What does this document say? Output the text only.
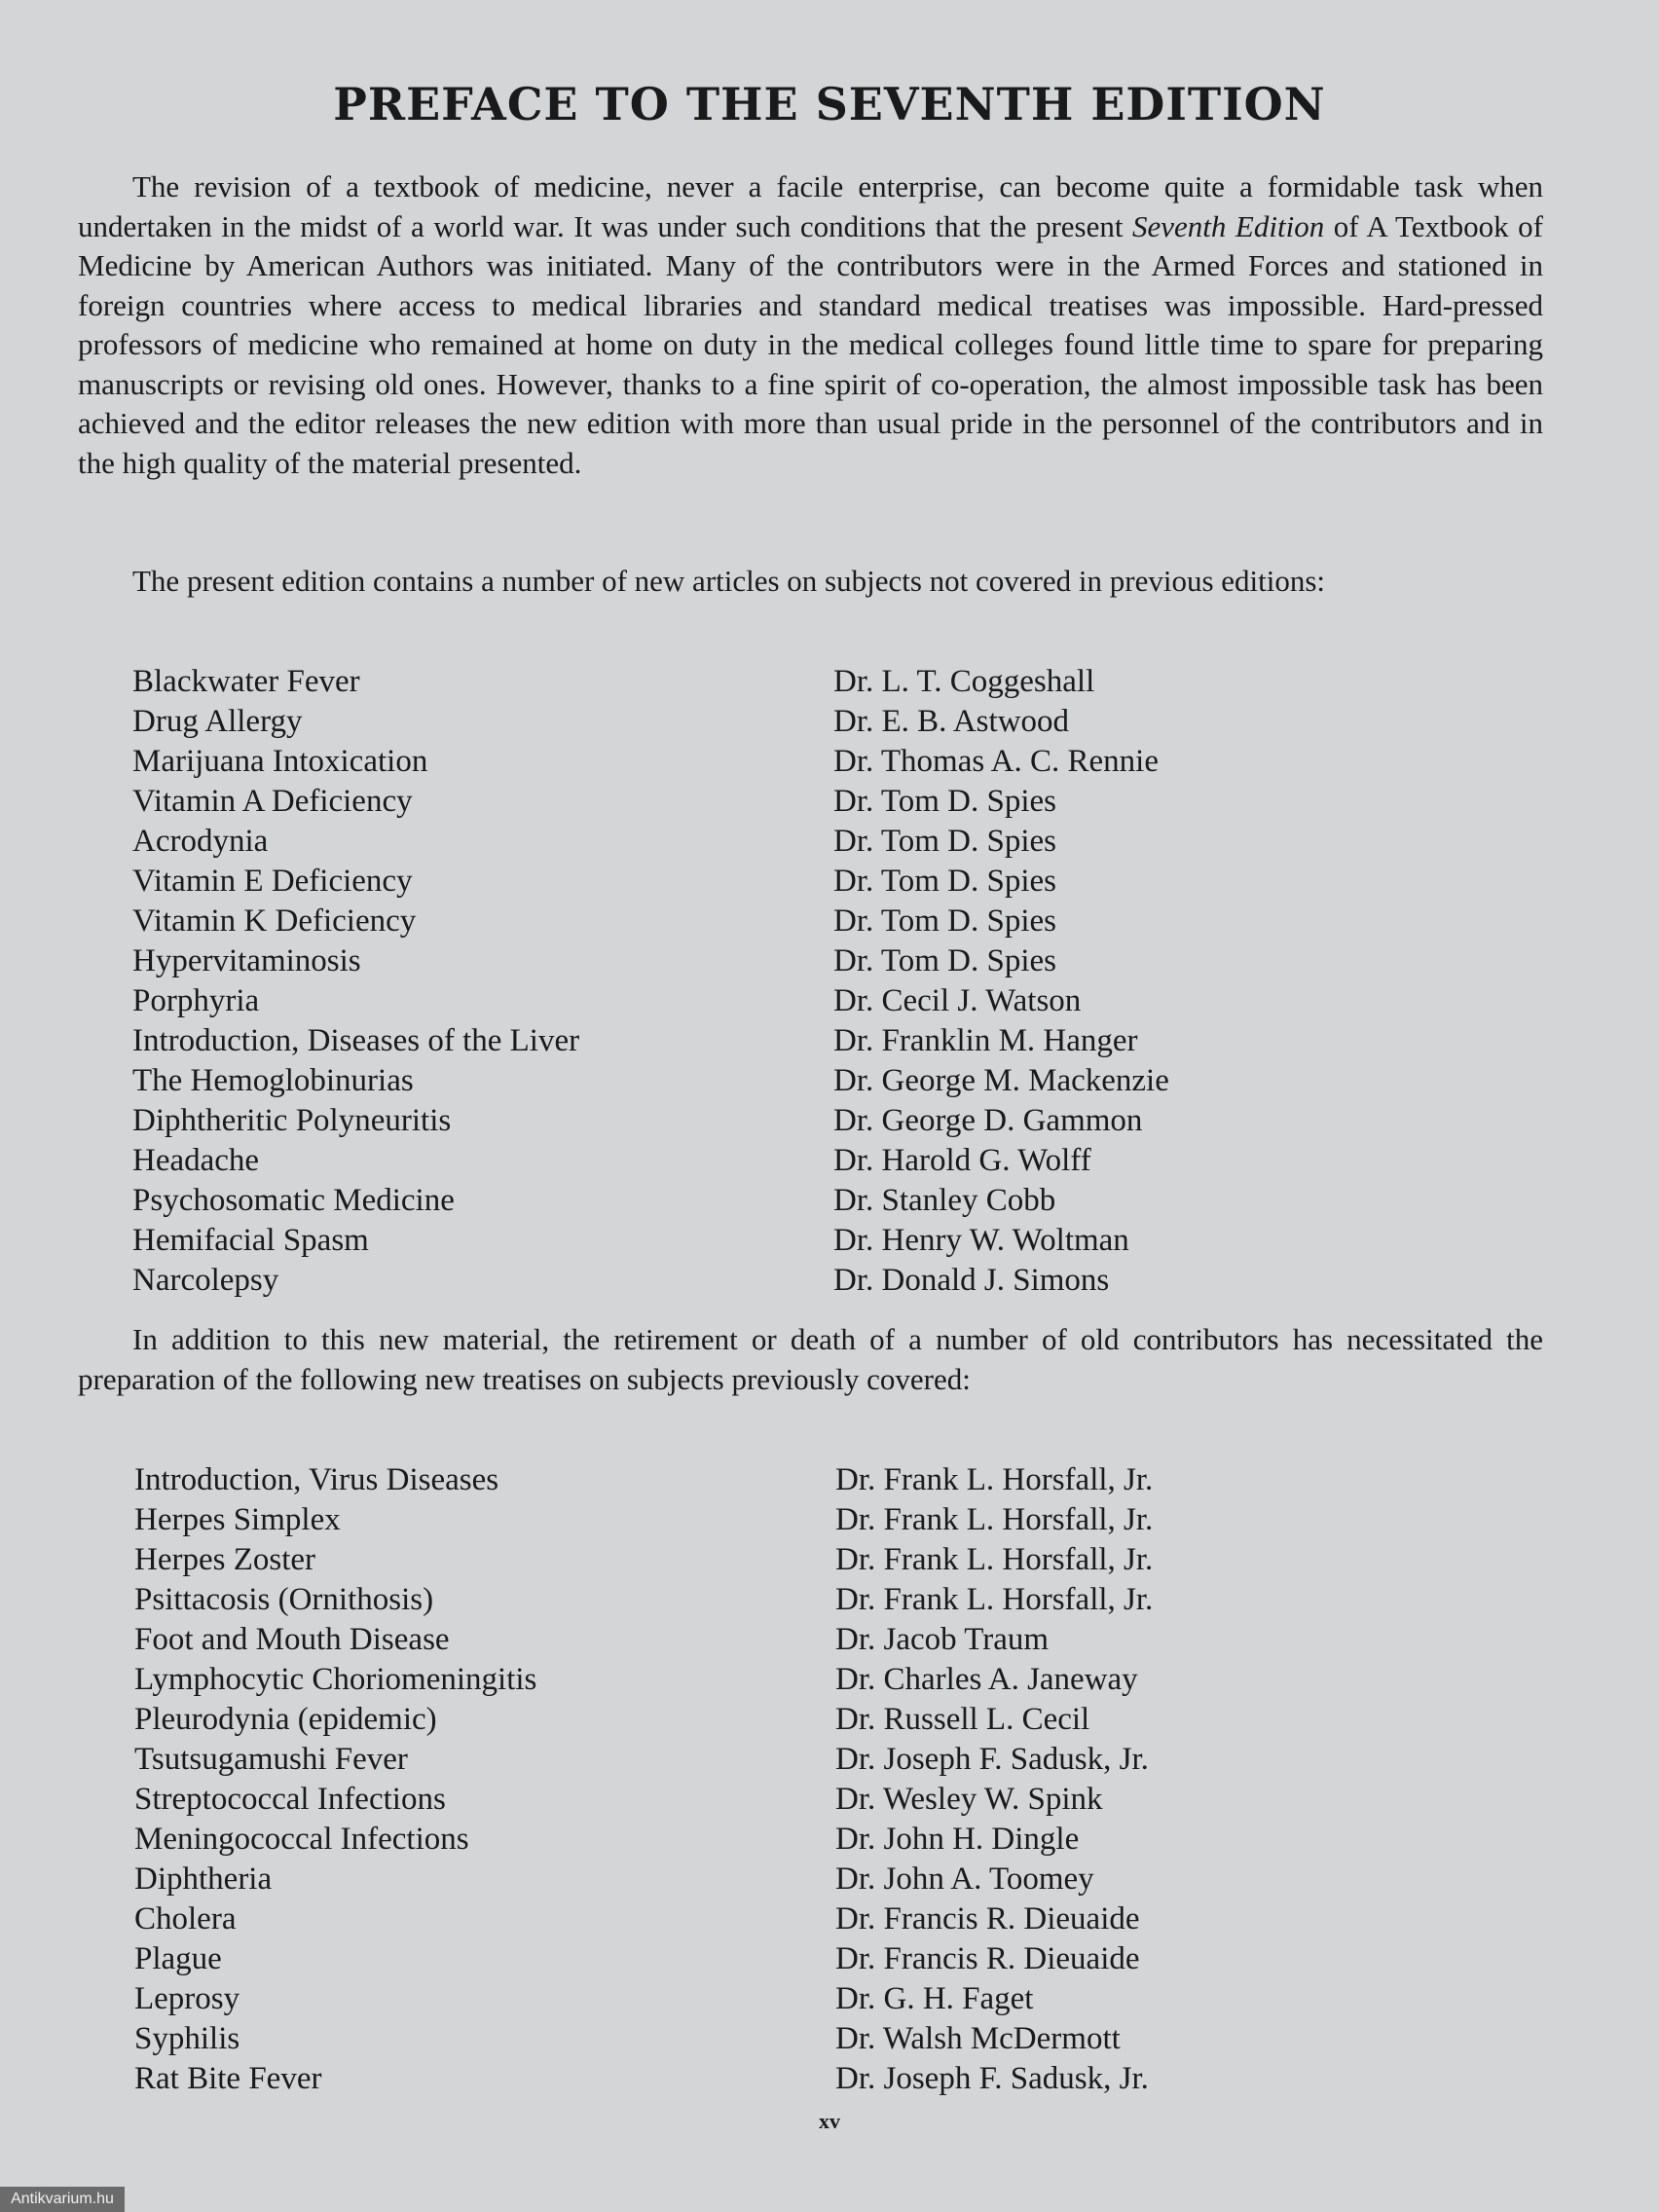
PREFACE TO THE SEVENTH EDITION

The revision of a textbook of medicine, never a facile enterprise, can become quite a formidable task when undertaken in the midst of a world war. It was under such conditions that the present Seventh Edition of A Textbook of Medicine by American Authors was initiated. Many of the contributors were in the Armed Forces and stationed in foreign countries where access to medical libraries and standard medical treatises was impossible. Hard-pressed professors of medicine who remained at home on duty in the medical colleges found little time to spare for preparing manuscripts or revising old ones. However, thanks to a fine spirit of co-operation, the almost impossible task has been achieved and the editor releases the new edition with more than usual pride in the personnel of the contributors and in the high quality of the material presented.

The present edition contains a number of new articles on subjects not covered in previous editions:

Blackwater Fever	Dr. L. T. Coggeshall
Drug Allergy	Dr. E. B. Astwood
Marijuana Intoxication	Dr. Thomas A. C. Rennie
Vitamin A Deficiency	Dr. Tom D. Spies
Acrodynia	Dr. Tom D. Spies
Vitamin E Deficiency	Dr. Tom D. Spies
Vitamin K Deficiency	Dr. Tom D. Spies
Hypervitaminosis	Dr. Tom D. Spies
Porphyria	Dr. Cecil J. Watson
Introduction, Diseases of the Liver	Dr. Franklin M. Hanger
The Hemoglobinurias	Dr. George M. Mackenzie
Diphtheritic Polyneuritis	Dr. George D. Gammon
Headache	Dr. Harold G. Wolff
Psychosomatic Medicine	Dr. Stanley Cobb
Hemifacial Spasm	Dr. Henry W. Woltman
Narcolepsy	Dr. Donald J. Simons

In addition to this new material, the retirement or death of a number of old contributors has necessitated the preparation of the following new treatises on subjects previously covered:

Introduction, Virus Diseases	Dr. Frank L. Horsfall, Jr.
Herpes Simplex	Dr. Frank L. Horsfall, Jr.
Herpes Zoster	Dr. Frank L. Horsfall, Jr.
Psittacosis (Ornithosis)	Dr. Frank L. Horsfall, Jr.
Foot and Mouth Disease	Dr. Jacob Traum
Lymphocytic Choriomeningitis	Dr. Charles A. Janeway
Pleurodynia (epidemic)	Dr. Russell L. Cecil
Tsutsugamushi Fever	Dr. Joseph F. Sadusk, Jr.
Streptococcal Infections	Dr. Wesley W. Spink
Meningococcal Infections	Dr. John H. Dingle
Diphtheria	Dr. John A. Toomey
Cholera	Dr. Francis R. Dieuaide
Plague	Dr. Francis R. Dieuaide
Leprosy	Dr. G. H. Faget
Syphilis	Dr. Walsh McDermott
Rat Bite Fever	Dr. Joseph F. Sadusk, Jr.
xv
Antikvarium.hu
